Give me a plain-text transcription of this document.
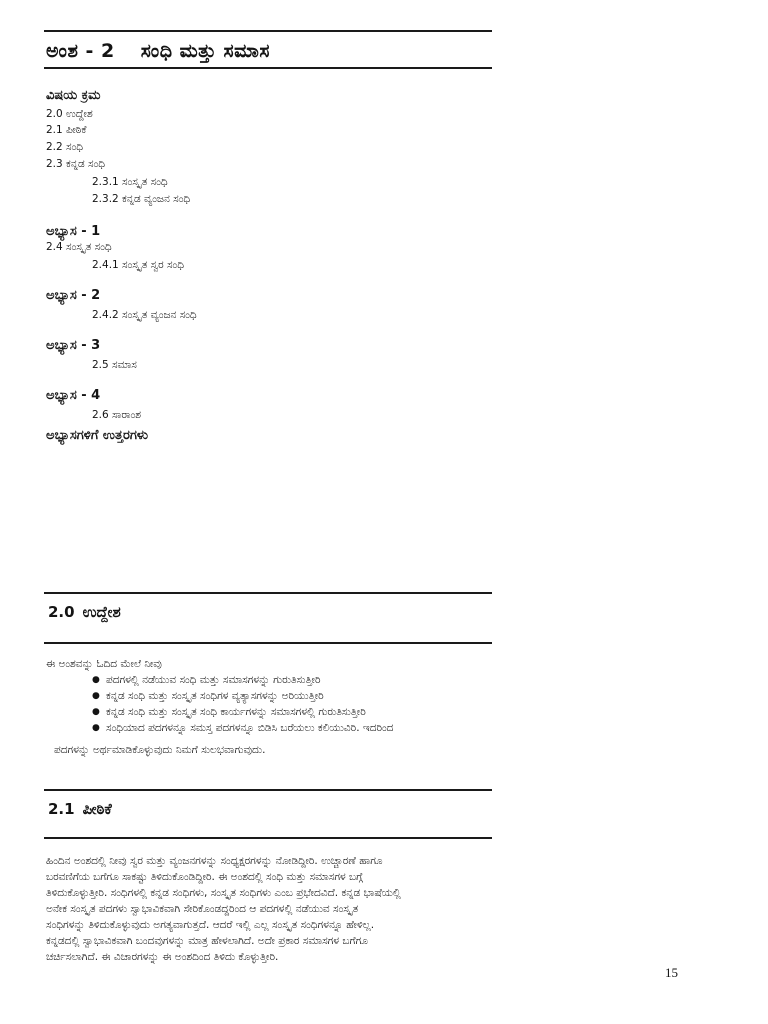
ಅಂಶ - 2 ಸಂಧಿ ಮತ್ತು ಸಮಾಸ
ವಿಷಯ ಕ್ರಮ
2.0 ಉದ್ದೇಶ
2.1 ಪೀಠಿಕೆ
2.2 ಸಂಧಿ
2.3 ಕನ್ನಡ ಸಂಧಿ
2.3.1 ಸಂಸ್ಕೃತ ಸಂಧಿ
2.3.2 ಕನ್ನಡ ವ್ಯಂಜನ ಸಂಧಿ
ಅಭ್ಯಾಸ - 1
2.4 ಸಂಸ್ಕೃತ ಸಂಧಿ
2.4.1 ಸಂಸ್ಕೃತ ಸ್ವರ ಸಂಧಿ
ಅಭ್ಯಾಸ - 2
2.4.2 ಸಂಸ್ಕೃತ ವ್ಯಂಜನ ಸಂಧಿ
ಅಭ್ಯಾಸ - 3
2.5 ಸಮಾಸ
ಅಭ್ಯಾಸ - 4
2.6 ಸಾರಾಂಶ
ಅಭ್ಯಾಸಗಳಿಗೆ ಉತ್ತರಗಳು
2.0 ಉದ್ದೇಶ
ಈ ಅಂಶವನ್ನು ಓದಿದ ಮೇಲೆ ನೀವು
● ಪದಗಳಲ್ಲಿ ನಡೆಯುವ ಸಂಧಿ ಮತ್ತು ಸಮಾಸಗಳನ್ನು ಗುರುತಿಸುತ್ತೀರಿ
● ಕನ್ನಡ ಸಂಧಿ ಮತ್ತು ಸಂಸ್ಕೃತ ಸಂಧಿಗಳ ವ್ಯತ್ಯಾಸಗಳನ್ನು ಅರಿಯುತ್ತೀರಿ
● ಕನ್ನಡ ಸಂಧಿ ಮತ್ತು ಸಂಸ್ಕೃತ ಸಂಧಿ ಕಾರ್ಯಗಳನ್ನು ಸಮಾಸಗಳಲ್ಲಿ ಗುರುತಿಸುತ್ತೀರಿ
● ಸಂಧಿಯಾದ ಪದಗಳನ್ನೂ ಸಮಸ್ತ ಪದಗಳನ್ನೂ ಬಿಡಿಸಿ ಬರೆಯಲು ಕಲಿಯುವಿರಿ. ಇದರಿಂದ
ಪದಗಳನ್ನು ಅರ್ಥಮಾಡಿಕೊಳ್ಳುವುದು ನಿಮಗೆ ಸುಲಭವಾಗುವುದು.
2.1 ಪೀಠಿಕೆ
ಹಿಂದಿನ ಅಂಶದಲ್ಲಿ ನೀವು ಸ್ವರ ಮತ್ತು ವ್ಯಂಜನಗಳನ್ನು ಸಂಧ್ಯಕ್ಷರಗಳನ್ನು ನೋಡಿದ್ದೀರಿ. ಉಚ್ಚಾರಣೆ ಹಾಗೂ
ಬರವಣಿಗೆಯ ಬಗೆಗೂ ಸಾಕಷ್ಟು ತಿಳಿದುಕೊಂಡಿದ್ದೀರಿ. ಈ ಅಂಶದಲ್ಲಿ ಸಂಧಿ ಮತ್ತು ಸಮಾಸಗಳ ಬಗ್ಗೆ
ತಿಳಿದುಕೊಳ್ಳುತ್ತೀರಿ. ಸಂಧಿಗಳಲ್ಲಿ ಕನ್ನಡ ಸಂಧಿಗಳು, ಸಂಸ್ಕೃತ ಸಂಧಿಗಳು ಎಂಬ ಪ್ರಭೇದವಿದೆ. ಕನ್ನಡ ಭಾಷೆಯಲ್ಲಿ
ಅನೇಕ ಸಂಸ್ಕೃತ ಪದಗಳು ಸ್ವಾಭಾವಿಕವಾಗಿ ಸೇರಿಕೊಂಡದ್ದರಿಂದ ಆ ಪದಗಳಲ್ಲಿ ನಡೆಯುವ ಸಂಸ್ಕೃತ
ಸಂಧಿಗಳನ್ನು ತಿಳಿದುಕೊಳ್ಳುವುದು ಅಗತ್ಯವಾಗುತ್ತದೆ. ಆದರೆ ಇಲ್ಲಿ ಎಲ್ಲ ಸಂಸ್ಕೃತ ಸಂಧಿಗಳನ್ನೂ ಹೇಳಿಲ್ಲ.
ಕನ್ನಡದಲ್ಲಿ ಸ್ವಾಭಾವಿಕವಾಗಿ ಬಂದವುಗಳನ್ನು ಮಾತ್ರ ಹೇಳಲಾಗಿದೆ. ಅದೇ ಪ್ರಕಾರ ಸಮಾಸಗಳ ಬಗೆಗೂ
ಚರ್ಚಿಸಲಾಗಿದೆ. ಈ ವಿಚಾರಗಳನ್ನು ಈ ಅಂಶದಿಂದ ತಿಳಿದು ಕೊಳ್ಳುತ್ತೀರಿ.
15
